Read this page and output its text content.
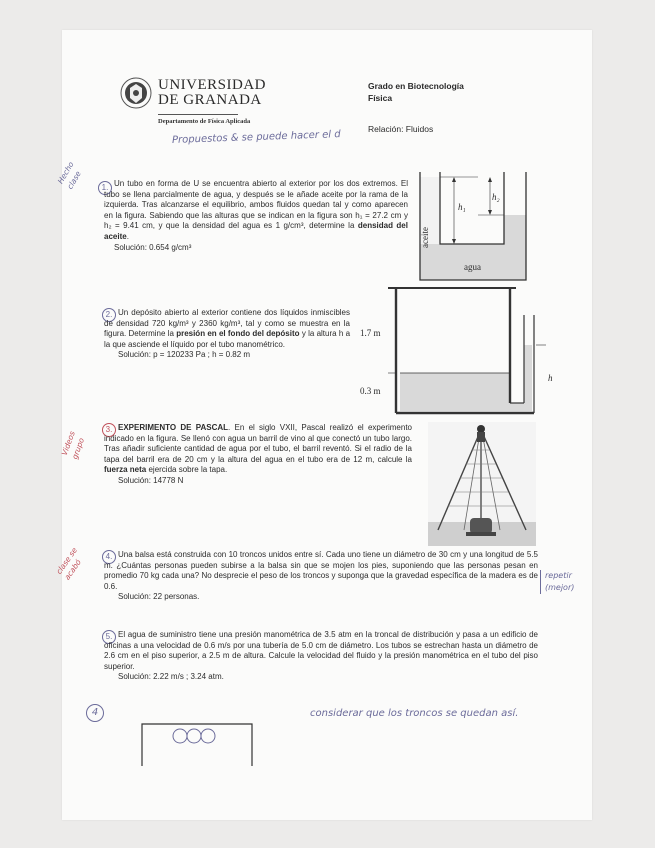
UNIVERSIDAD
DE GRANADA
Departamento de Física Aplicada
Grado en Biotecnología
Física
Relación: Fluidos
Propuestos & se puede hacer el d
Hecho clase	1. Un tubo en forma de U se encuentra abierto al exterior por los dos extremos. El tubo se llena parcialmente de agua, y después se le añade aceite por la rama de la izquierda. Tras alcanzarse el equilibrio, ambos fluidos quedan tal y como aparecen en la figura. Sabiendo que las alturas que se indican en la figura son h₁ = 27.2 cm y h₂ = 9.41 cm, y que la densidad del agua es 1 g/cm³, determine la densidad del aceite.
Solución: 0.654 g/cm³	aceite
h₁
h₂
agua
2. Un depósito abierto al exterior contiene dos líquidos inmiscibles de densidad 720 kg/m³ y 2360 kg/m³, tal y como se muestra en la figura. Determine la presión en el fondo del depósito y la altura h a la que asciende el líquido por el tubo manométrico.
Solución: p = 120233 Pa ; h = 0.82 m
1.7 m
0.3 m
h
Videos grupo
3. EXPERIMENTO DE PASCAL. En el siglo VXII, Pascal realizó el experimento indicado en la figura. Se llenó con agua un barril de vino al que conectó un tubo largo. Tras añadir suficiente cantidad de agua por el tubo, el barril reventó. Si el radio de la tapa del barril era de 20 cm y la altura del agua en el tubo era de 12 m, calcule la fuerza neta ejercida sobre la tapa.
Solución: 14778 N
clase se acabó
4. Una balsa está construida con 10 troncos unidos entre sí. Cada uno tiene un diámetro de 30 cm y una longitud de 5.5 m. ¿Cuántas personas pueden subirse a la balsa sin que se mojen los pies, suponiendo que las personas pesan en promedio 70 kg cada una? No desprecie el peso de los troncos y suponga que la gravedad específica de la madera es de 0.6.
Solución: 22 personas.
repetir (mejor)
5. El agua de suministro tiene una presión manométrica de 3.5 atm en la troncal de distribución y pasa a un edificio de oficinas a una velocidad de 0.6 m/s por una tubería de 5.0 cm de diámetro. Los tubos se estrechan hasta un diámetro de 2.6 cm en el piso superior, a 2.5 m de altura. Calcule la velocidad del fluido y la presión manométrica en el tubo del piso superior.
Solución: 2.22 m/s ; 3.24 atm.
4	considerar que los troncos se quedan así.
